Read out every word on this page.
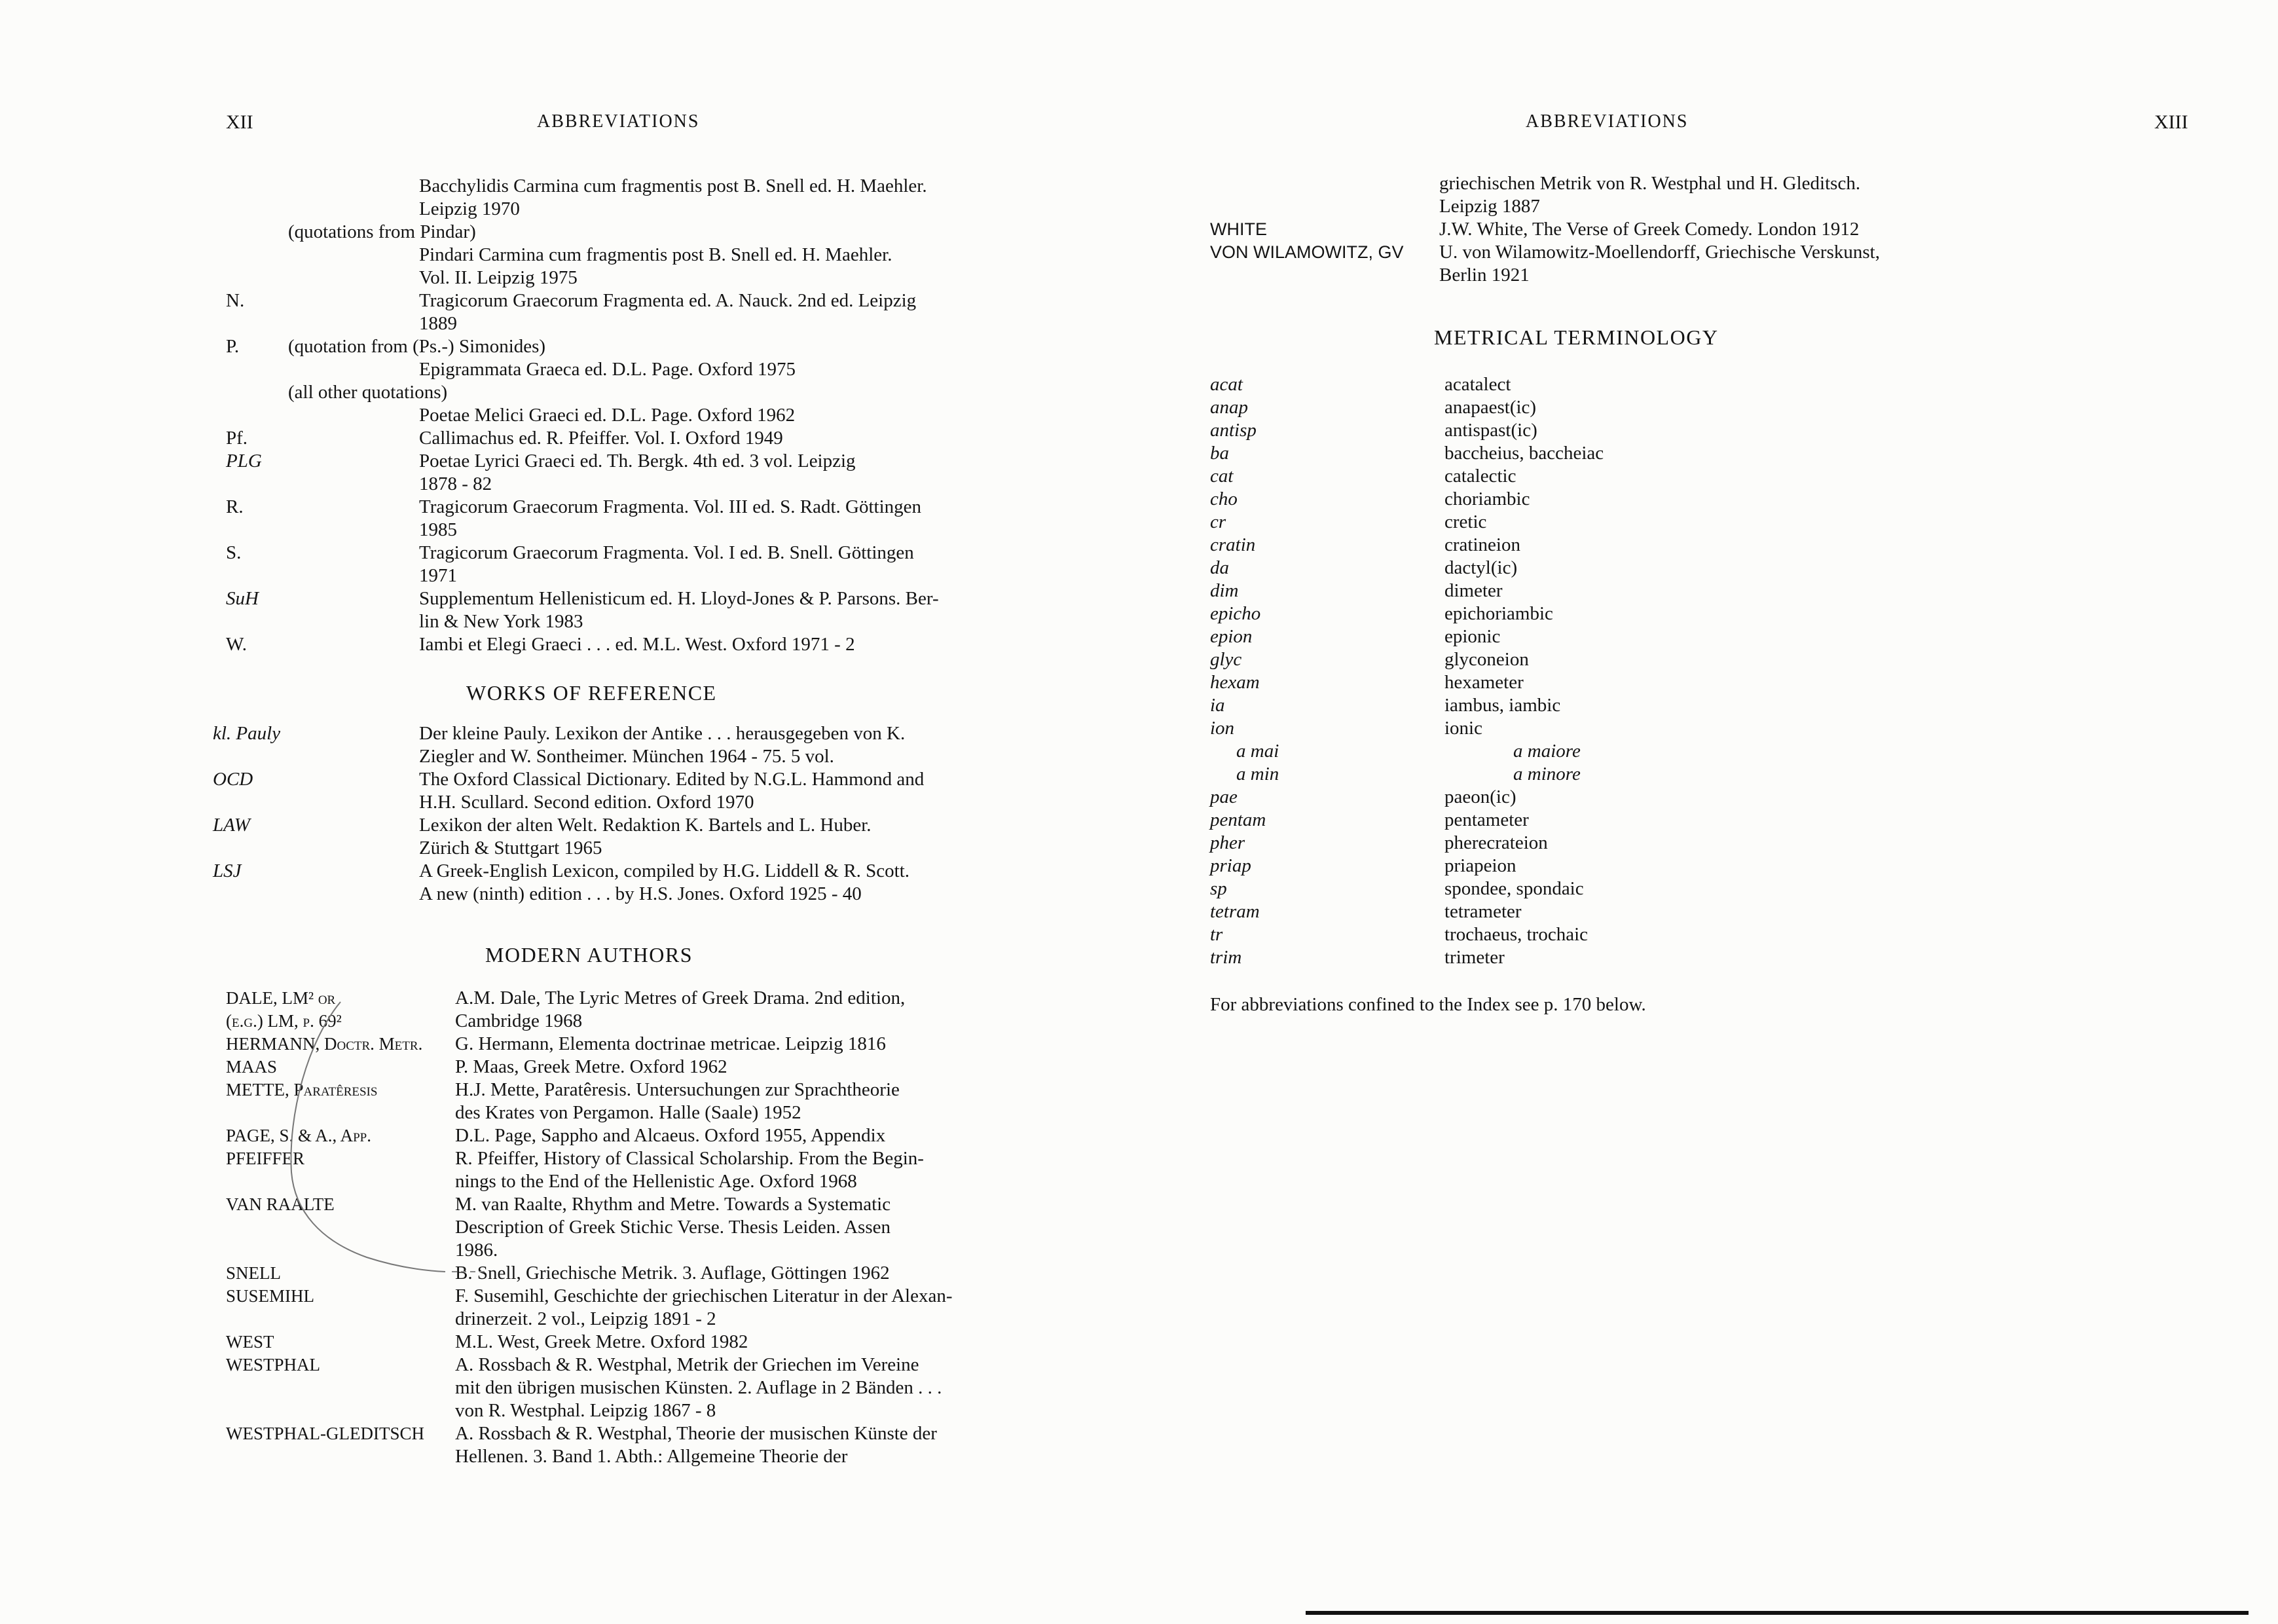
XII	ABBREVIATIONS
Bacchylidis Carmina cum fragmentis post B. Snell ed. H. Maehler.
Leipzig 1970
(quotations from Pindar)
Pindari Carmina cum fragmentis post B. Snell ed. H. Maehler.
Vol. II. Leipzig 1975
N.	Tragicorum Graecorum Fragmenta ed. A. Nauck. 2nd ed. Leipzig
1889
P.	(quotation from (Ps.-) Simonides)
Epigrammata Graeca ed. D.L. Page. Oxford 1975
(all other quotations)
Poetae Melici Graeci ed. D.L. Page. Oxford 1962
Pf.	Callimachus ed. R. Pfeiffer. Vol. I. Oxford 1949
PLG	Poetae Lyrici Graeci ed. Th. Bergk. 4th ed. 3 vol. Leipzig
1878 - 82
R.	Tragicorum Graecorum Fragmenta. Vol. III ed. S. Radt. Göttingen
1985
S.	Tragicorum Graecorum Fragmenta. Vol. I ed. B. Snell. Göttingen
1971
SuH	Supplementum Hellenisticum ed. H. Lloyd-Jones & P. Parsons. Ber-
lin & New York 1983
W.	Iambi et Elegi Graeci . . . ed. M.L. West. Oxford 1971 - 2
WORKS OF REFERENCE
kl. Pauly	Der kleine Pauly. Lexikon der Antike . . . herausgegeben von K.
Ziegler and W. Sontheimer. München 1964 - 75. 5 vol.
OCD	The Oxford Classical Dictionary. Edited by N.G.L. Hammond and
H.H. Scullard. Second edition. Oxford 1970
LAW	Lexikon der alten Welt. Redaktion K. Bartels and L. Huber.
Zürich & Stuttgart 1965
LSJ	A Greek-English Lexicon, compiled by H.G. Liddell & R. Scott.
A new (ninth) edition . . . by H.S. Jones. Oxford 1925 - 40
MODERN AUTHORS
DALE, LM² or	A.M. Dale, The Lyric Metres of Greek Drama. 2nd edition,
(e.g.) LM, p. 69²	Cambridge 1968
HERMANN, Doctr. Metr.	G. Hermann, Elementa doctrinae metricae. Leipzig 1816
MAAS	P. Maas, Greek Metre. Oxford 1962
METTE, Paratêresis	H.J. Mette, Paratêresis. Untersuchungen zur Sprachtheorie
des Krates von Pergamon. Halle (Saale) 1952
PAGE, S. & A., App.	D.L. Page, Sappho and Alcaeus. Oxford 1955, Appendix
PFEIFFER	R. Pfeiffer, History of Classical Scholarship. From the Begin-
nings to the End of the Hellenistic Age. Oxford 1968
VAN RAALTE	M. van Raalte, Rhythm and Metre. Towards a Systematic
Description of Greek Stichic Verse. Thesis Leiden. Assen
1986.
SNELL	B. Snell, Griechische Metrik. 3. Auflage, Göttingen 1962
SUSEMIHL	F. Susemihl, Geschichte der griechischen Literatur in der Alexan-
drinerzeit. 2 vol., Leipzig 1891 - 2
WEST	M.L. West, Greek Metre. Oxford 1982
WESTPHAL	A. Rossbach & R. Westphal, Metrik der Griechen im Vereine
mit den übrigen musischen Künsten. 2. Auflage in 2 Bänden . . .
von R. Westphal. Leipzig 1867 - 8
WESTPHAL-GLEDITSCH	A. Rossbach & R. Westphal, Theorie der musischen Künste der
Hellenen. 3. Band 1. Abth.: Allgemeine Theorie der
ABBREVIATIONS	XIII
griechischen Metrik von R. Westphal und H. Gleditsch.
Leipzig 1887
WHITE	J.W. White, The Verse of Greek Comedy. London 1912
VON WILAMOWITZ, GV	U. von Wilamowitz-Moellendorff, Griechische Verskunst,
Berlin 1921
METRICAL TERMINOLOGY
acat	acatalect
anap	anapaest(ic)
antisp	antispast(ic)
ba	baccheius, baccheiac
cat	catalectic
cho	choriambic
cr	cretic
cratin	cratineion
da	dactyl(ic)
dim	dimeter
epicho	epichoriambic
epion	epionic
glyc	glyconeion
hexam	hexameter
ia	iambus, iambic
ion	ionic
a mai	a maiore
a min	a minore
pae	paeon(ic)
pentam	pentameter
pher	pherecrateion
priap	priapeion
sp	spondee, spondaic
tetram	tetrameter
tr	trochaeus, trochaic
trim	trimeter
For abbreviations confined to the Index see p. 170 below.
